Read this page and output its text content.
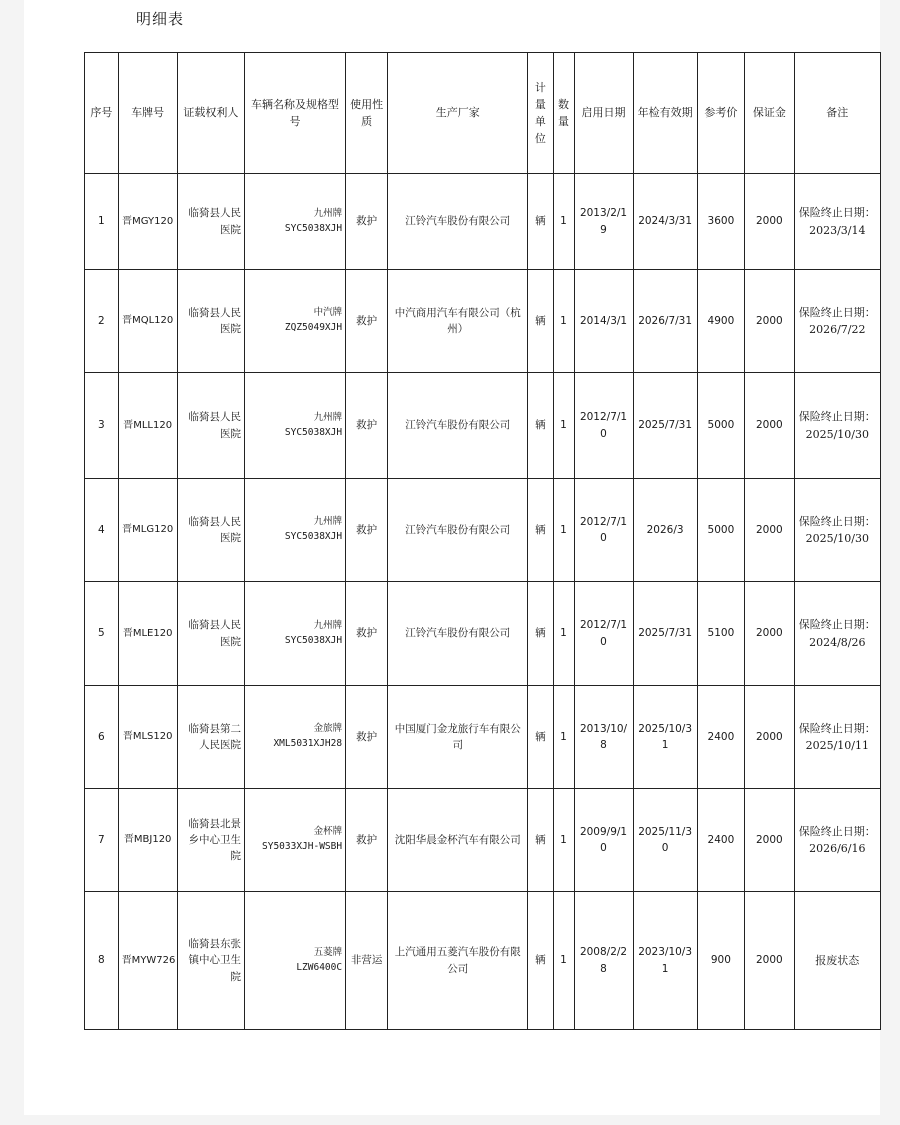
明细表
序号	车牌号	证载权利人	车辆名称及规格型号	使用性质	生产厂家	计量单位	数量	启用日期	年检有效期	参考价	保证金	备注
1	晋MGY120	临猗县人民医院	九州牌
SYC5038XJH	救护	江铃汽车股份有限公司	辆	1	2013/2/19	2024/3/31	3600	2000	保险终止日期：2023/3/14
2	晋MQL120	临猗县人民医院	中汽牌
ZQZ5049XJH	救护	中汽商用汽车有限公司（杭州）	辆	1	2014/3/1	2026/7/31	4900	2000	保险终止日期：2026/7/22
3	晋MLL120	临猗县人民医院	九州牌
SYC5038XJH	救护	江铃汽车股份有限公司	辆	1	2012/7/10	2025/7/31	5000	2000	保险终止日期：2025/10/30
4	晋MLG120	临猗县人民医院	九州牌
SYC5038XJH	救护	江铃汽车股份有限公司	辆	1	2012/7/10	2026/3	5000	2000	保险终止日期：2025/10/30
5	晋MLE120	临猗县人民医院	九州牌
SYC5038XJH	救护	江铃汽车股份有限公司	辆	1	2012/7/10	2025/7/31	5100	2000	保险终止日期：2024/8/26
6	晋MLS120	临猗县第二人民医院	金旅牌
XML5031XJH28	救护	中国厦门金龙旅行车有限公司	辆	1	2013/10/8	2025/10/31	2400	2000	保险终止日期：2025/10/11
7	晋MBJ120	临猗县北景乡中心卫生院	金杯牌
SY5033XJH-WSBH	救护	沈阳华晨金杯汽车有限公司	辆	1	2009/9/10	2025/11/30	2400	2000	保险终止日期：2026/6/16
8	晋MYW726	临猗县东张镇中心卫生院	五菱牌
LZW6400C	非营运	上汽通用五菱汽车股份有限公司	辆	1	2008/2/28	2023/10/31	900	2000	报废状态
